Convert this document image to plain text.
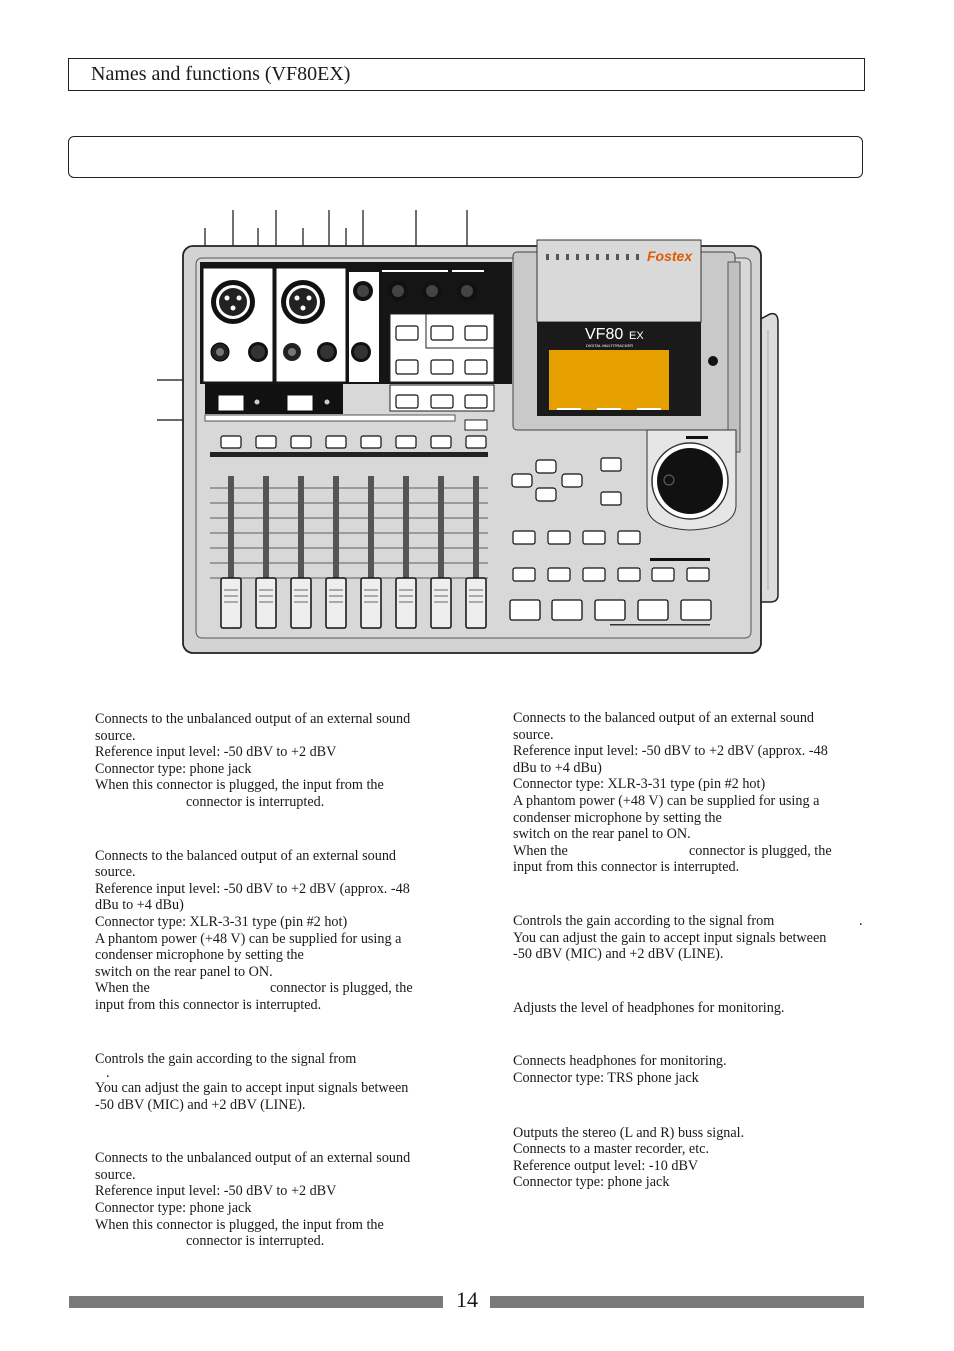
Names and functions (VF80EX)
Fostex
VF80 EX
DIGITAL MULTITRACKER

Connects to the unbalanced output of an external sound

source.

Reference input level: -50 dBV to +2 dBV

Connector type: phone jack

When this connector is plugged, the input from the

connector is interrupted.

Connects to the balanced output of an external sound

source.

Reference input level: -50 dBV to +2 dBV (approx. -48

dBu to +4 dBu)

Connector type: XLR-3-31 type (pin #2 hot)

A phantom power (+48 V) can be supplied for using a

condenser microphone by setting the

switch on the rear panel to ON.

When the	connector is plugged, the

input from this connector is interrupted.

Controls the gain according to the signal from

.

You can adjust the gain to accept input signals between

-50 dBV (MIC) and +2 dBV (LINE).

Connects to the unbalanced output of an external sound

source.

Reference input level: -50 dBV to +2 dBV

Connector type: phone jack

When this connector is plugged, the input from the

connector is interrupted.

Connects to the balanced output of an external sound

source.

Reference input level: -50 dBV to +2 dBV (approx. -48

dBu to +4 dBu)

Connector type: XLR-3-31 type (pin #2 hot)

A phantom power (+48 V) can be supplied for using a

condenser microphone by setting the

switch on the rear panel to ON.

When the	connector is plugged, the

input from this connector is interrupted.

Controls the gain according to the signal from	.

You can adjust the gain to accept input signals between

-50 dBV (MIC) and +2 dBV (LINE).

Adjusts the level of headphones for monitoring.

Connects headphones for monitoring.

Connector type: TRS phone jack

Outputs the stereo (L and R) buss signal.

Connects to a master recorder, etc.

Reference output level: -10 dBV

Connector type: phone jack

14
